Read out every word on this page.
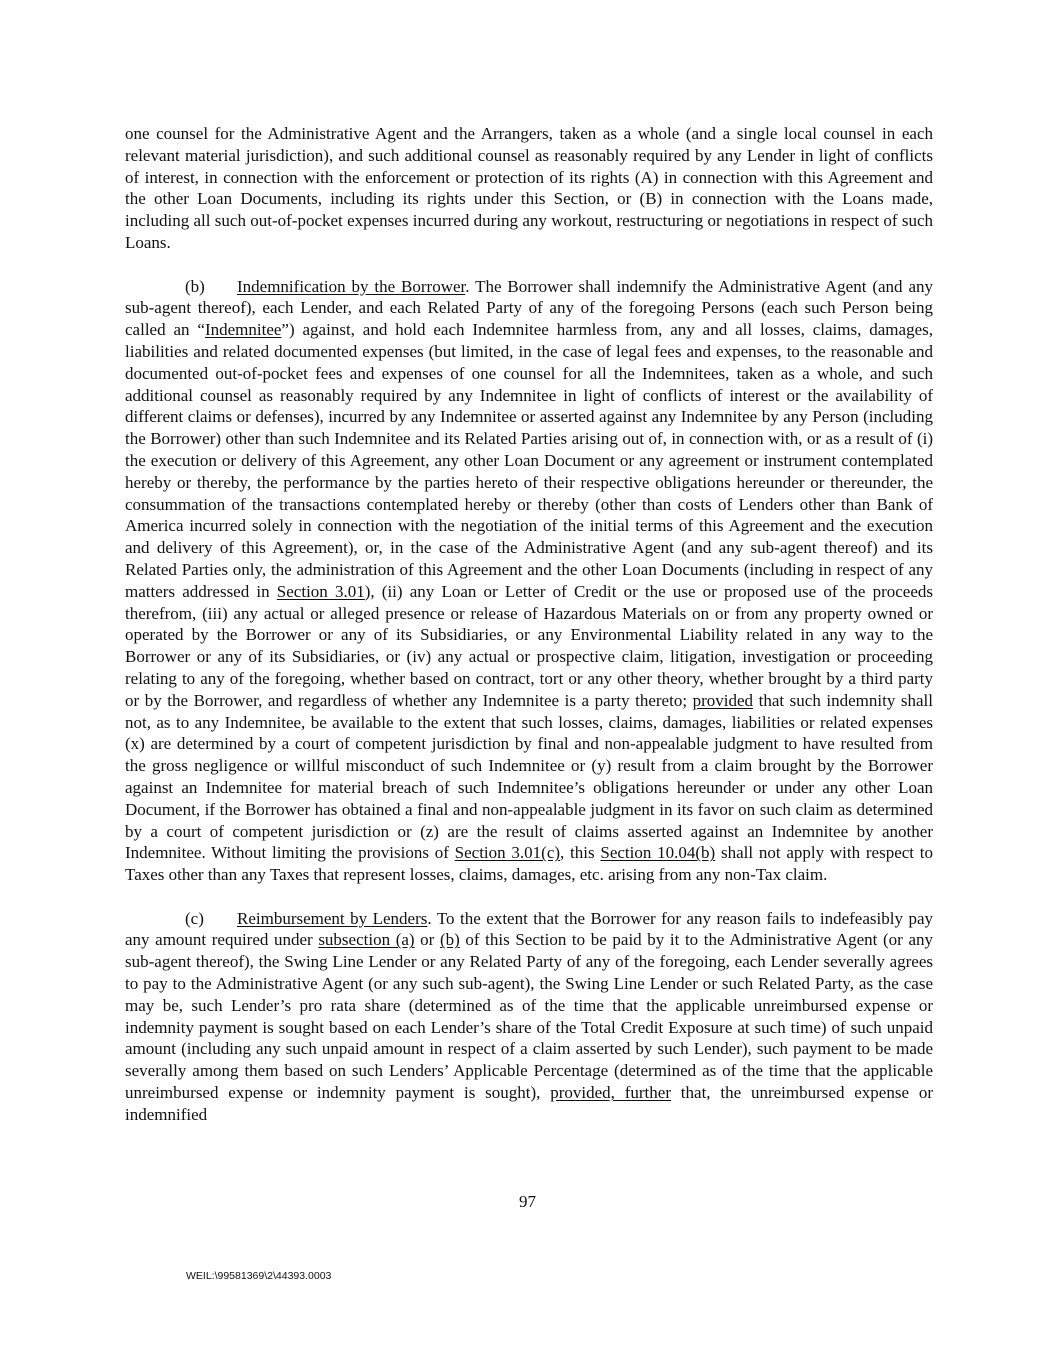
one counsel for the Administrative Agent and the Arrangers, taken as a whole (and a single local counsel in each relevant material jurisdiction), and such additional counsel as reasonably required by any Lender in light of conflicts of interest, in connection with the enforcement or protection of its rights (A) in connection with this Agreement and the other Loan Documents, including its rights under this Section, or (B) in connection with the Loans made, including all such out-of-pocket expenses incurred during any workout, restructuring or negotiations in respect of such Loans.

(b) Indemnification by the Borrower. The Borrower shall indemnify the Administrative Agent (and any sub-agent thereof), each Lender, and each Related Party of any of the foregoing Persons (each such Person being called an “Indemnitee”) against, and hold each Indemnitee harmless from, any and all losses, claims, damages, liabilities and related documented expenses (but limited, in the case of legal fees and expenses, to the reasonable and documented out-of-pocket fees and expenses of one counsel for all the Indemnitees, taken as a whole, and such additional counsel as reasonably required by any Indemnitee in light of conflicts of interest or the availability of different claims or defenses), incurred by any Indemnitee or asserted against any Indemnitee by any Person (including the Borrower) other than such Indemnitee and its Related Parties arising out of, in connection with, or as a result of (i) the execution or delivery of this Agreement, any other Loan Document or any agreement or instrument contemplated hereby or thereby, the performance by the parties hereto of their respective obligations hereunder or thereunder, the consummation of the transactions contemplated hereby or thereby (other than costs of Lenders other than Bank of America incurred solely in connection with the negotiation of the initial terms of this Agreement and the execution and delivery of this Agreement), or, in the case of the Administrative Agent (and any sub-agent thereof) and its Related Parties only, the administration of this Agreement and the other Loan Documents (including in respect of any matters addressed in Section 3.01), (ii) any Loan or Letter of Credit or the use or proposed use of the proceeds therefrom, (iii) any actual or alleged presence or release of Hazardous Materials on or from any property owned or operated by the Borrower or any of its Subsidiaries, or any Environmental Liability related in any way to the Borrower or any of its Subsidiaries, or (iv) any actual or prospective claim, litigation, investigation or proceeding relating to any of the foregoing, whether based on contract, tort or any other theory, whether brought by a third party or by the Borrower, and regardless of whether any Indemnitee is a party thereto; provided that such indemnity shall not, as to any Indemnitee, be available to the extent that such losses, claims, damages, liabilities or related expenses (x) are determined by a court of competent jurisdiction by final and non-appealable judgment to have resulted from the gross negligence or willful misconduct of such Indemnitee or (y) result from a claim brought by the Borrower against an Indemnitee for material breach of such Indemnitee’s obligations hereunder or under any other Loan Document, if the Borrower has obtained a final and non-appealable judgment in its favor on such claim as determined by a court of competent jurisdiction or (z) are the result of claims asserted against an Indemnitee by another Indemnitee. Without limiting the provisions of Section 3.01(c), this Section 10.04(b) shall not apply with respect to Taxes other than any Taxes that represent losses, claims, damages, etc. arising from any non-Tax claim.

(c) Reimbursement by Lenders. To the extent that the Borrower for any reason fails to indefeasibly pay any amount required under subsection (a) or (b) of this Section to be paid by it to the Administrative Agent (or any sub-agent thereof), the Swing Line Lender or any Related Party of any of the foregoing, each Lender severally agrees to pay to the Administrative Agent (or any such sub-agent), the Swing Line Lender or such Related Party, as the case may be, such Lender’s pro rata share (determined as of the time that the applicable unreimbursed expense or indemnity payment is sought based on each Lender’s share of the Total Credit Exposure at such time) of such unpaid amount (including any such unpaid amount in respect of a claim asserted by such Lender), such payment to be made severally among them based on such Lenders’ Applicable Percentage (determined as of the time that the applicable unreimbursed expense or indemnity payment is sought), provided, further that, the unreimbursed expense or indemnified

97
WEIL:\99581369\2\44393.0003
